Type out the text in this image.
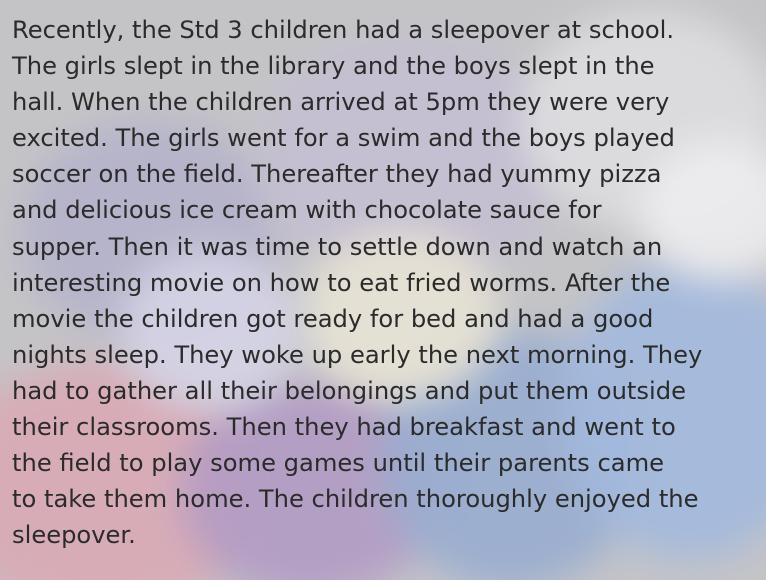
Recently, the Std 3 children had a sleepover at school.
The girls slept in the library and the boys slept in the
hall. When the children arrived at 5pm they were very
excited. The girls went for a swim and the boys played
soccer on the field. Thereafter they had yummy pizza
and delicious ice cream with chocolate sauce for
supper. Then it was time to settle down and watch an
interesting movie on how to eat fried worms. After the
movie the children got ready for bed and had a good
nights sleep. They woke up early the next morning. They
had to gather all their belongings and put them outside
their classrooms. Then they had breakfast and went to
the field to play some games until their parents came
to take them home. The children thoroughly enjoyed the
sleepover.
